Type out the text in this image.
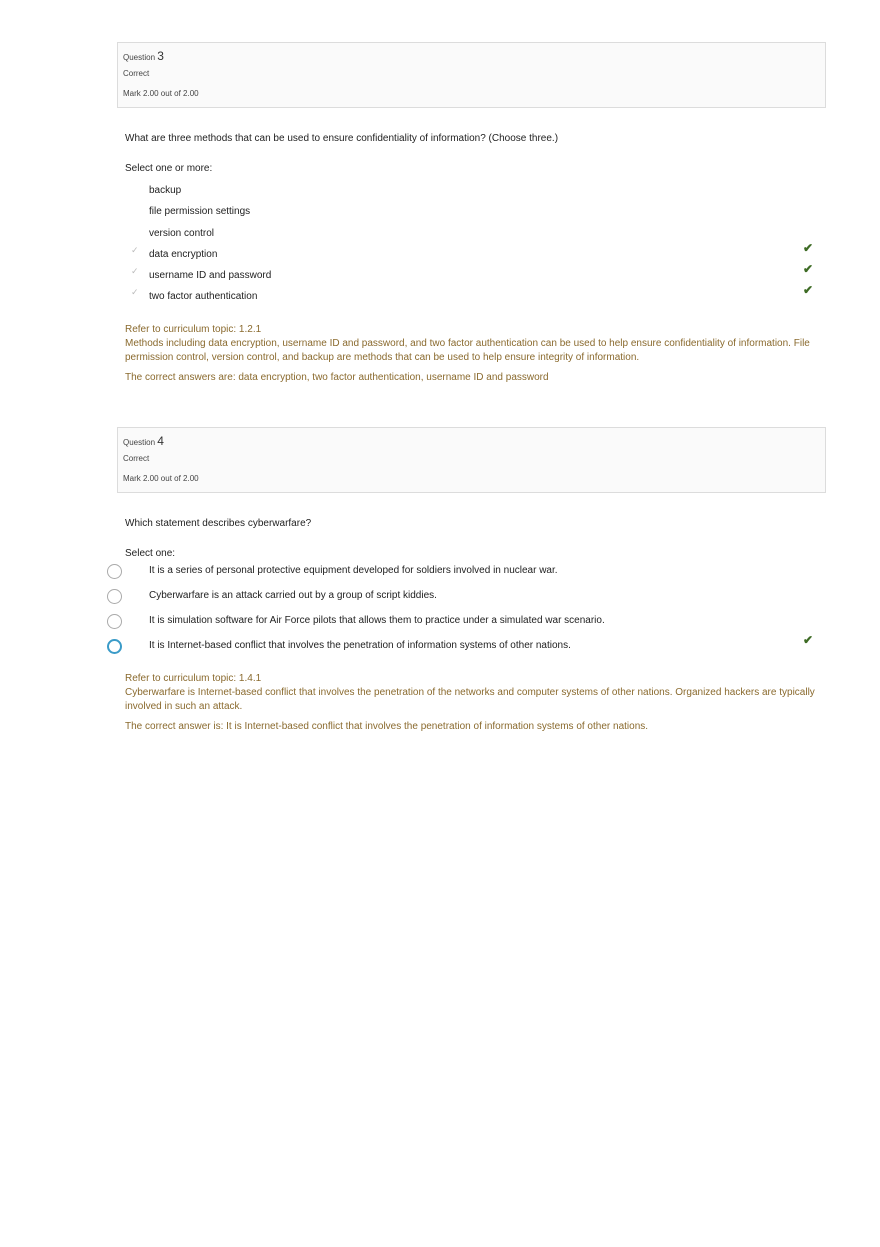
Question 3
Correct
Mark 2.00 out of 2.00

What are three methods that can be used to ensure confidentiality of information? (Choose three.)

Select one or more:
backup
file permission settings
version control
✓ data encryption	✔
✓ username ID and password	✔
✓ two factor authentication	✔
Refer to curriculum topic: 1.2.1
Methods including data encryption, username ID and password, and two factor authentication can be used to help ensure confidentiality of information. File permission control, version control, and backup are methods that can be used to help ensure integrity of information.
The correct answers are: data encryption, two factor authentication, username ID and password
Question 4
Correct
Mark 2.00 out of 2.00

Which statement describes cyberwarfare?

Select one:
It is a series of personal protective equipment developed for soldiers involved in nuclear war.
Cyberwarfare is an attack carried out by a group of script kiddies.
It is simulation software for Air Force pilots that allows them to practice under a simulated war scenario.
It is Internet-based conflict that involves the penetration of information systems of other nations.	✔
Refer to curriculum topic: 1.4.1
Cyberwarfare is Internet-based conflict that involves the penetration of the networks and computer systems of other nations. Organized hackers are typically involved in such an attack.
The correct answer is: It is Internet-based conflict that involves the penetration of information systems of other nations.
